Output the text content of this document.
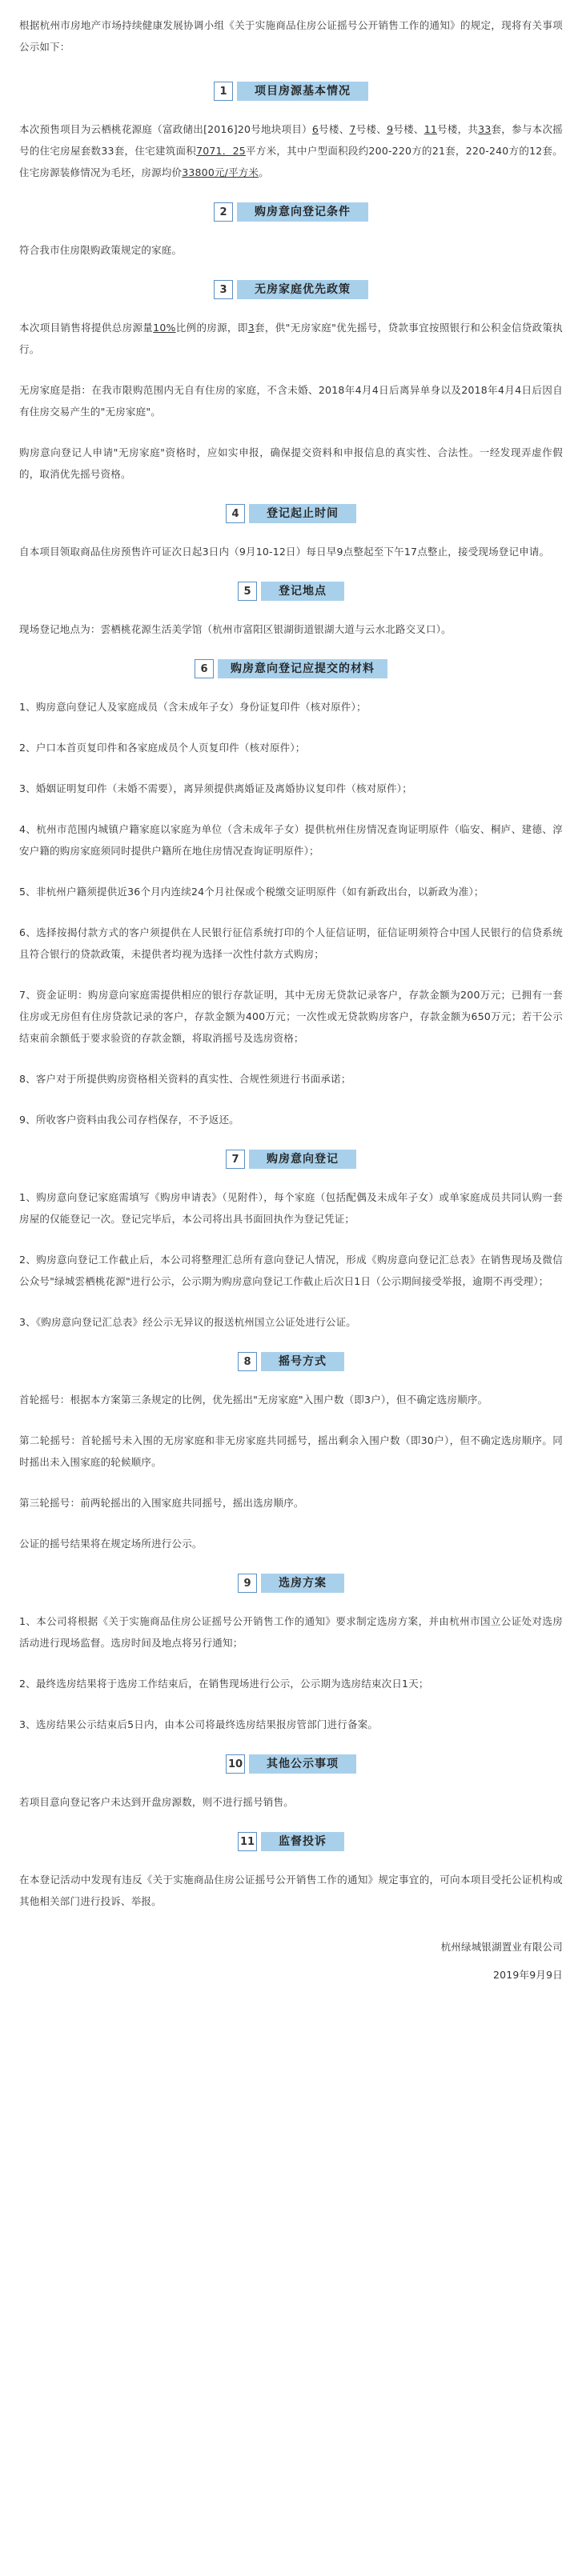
根据杭州市房地产市场持续健康发展协调小组《关于实施商品住房公证摇号公开销售工作的通知》的规定，现将有关事项公示如下：

1	项目房源基本情况

本次预售项目为云栖桃花源庭（富政储出[2016]20号地块项目）6号楼、7号楼、9号楼、11号楼，共33套，参与本次摇号的住宅房屋套数33套，住宅建筑面积7071．25平方米，其中户型面积段约200-220方的21套，220-240方的12套。住宅房源装修情况为毛坯，房源均价33800元/平方米。

2	购房意向登记条件

符合我市住房限购政策规定的家庭。

3	无房家庭优先政策

本次项目销售将提供总房源量10%比例的房源，即3套，供"无房家庭"优先摇号，贷款事宜按照银行和公积金信贷政策执行。

无房家庭是指：在我市限购范围内无自有住房的家庭，不含未婚、2018年4月4日后离异单身以及2018年4月4日后因自有住房交易产生的"无房家庭"。

购房意向登记人申请"无房家庭"资格时，应如实申报，确保提交资料和申报信息的真实性、合法性。一经发现弄虚作假的，取消优先摇号资格。

4	登记起止时间

自本项目领取商品住房预售许可证次日起3日内（9月10-12日）每日早9点整起至下午17点整止，接受现场登记申请。

5	登记地点

现场登记地点为：雲栖桃花源生活美学馆（杭州市富阳区银湖街道银湖大道与云水北路交叉口）。

6	购房意向登记应提交的材料

1、购房意向登记人及家庭成员（含未成年子女）身份证复印件（核对原件）；

2、户口本首页复印件和各家庭成员个人页复印件（核对原件）；

3、婚姻证明复印件（未婚不需要），离异须提供离婚证及离婚协议复印件（核对原件）；

4、杭州市范围内城镇户籍家庭以家庭为单位（含未成年子女）提供杭州住房情况查询证明原件（临安、桐庐、建德、淳安户籍的购房家庭须同时提供户籍所在地住房情况查询证明原件）；

5、非杭州户籍须提供近36个月内连续24个月社保或个税缴交证明原件（如有新政出台，以新政为准）；

6、选择按揭付款方式的客户须提供在人民银行征信系统打印的个人征信证明，征信证明须符合中国人民银行的信贷系统且符合银行的贷款政策，未提供者均视为选择一次性付款方式购房；

7、资金证明：购房意向家庭需提供相应的银行存款证明，其中无房无贷款记录客户，存款金额为200万元；已拥有一套住房或无房但有住房贷款记录的客户，存款金额为400万元；一次性或无贷款购房客户，存款金额为650万元；若干公示结束前余额低于要求验资的存款金额，将取消摇号及选房资格；

8、客户对于所提供购房资格相关资料的真实性、合规性须进行书面承诺；

9、所收客户资料由我公司存档保存，不予返还。

7	购房意向登记

1、购房意向登记家庭需填写《购房申请表》（见附件），每个家庭（包括配偶及未成年子女）或单家庭成员共同认购一套房屋的仅能登记一次。登记完毕后，本公司将出具书面回执作为登记凭证；

2、购房意向登记工作截止后，本公司将整理汇总所有意向登记人情况，形成《购房意向登记汇总表》在销售现场及微信公众号"绿城雲栖桃花源"进行公示，公示期为购房意向登记工作截止后次日1日（公示期间接受举报，逾期不再受理）；

3、《购房意向登记汇总表》经公示无异议的报送杭州国立公证处进行公证。

8	摇号方式

首轮摇号：根据本方案第三条规定的比例，优先摇出"无房家庭"入围户数（即3户），但不确定选房顺序。

第二轮摇号：首轮摇号未入围的无房家庭和非无房家庭共同摇号，摇出剩余入围户数（即30户），但不确定选房顺序。同时摇出未入围家庭的轮候顺序。

第三轮摇号：前两轮摇出的入围家庭共同摇号，摇出选房顺序。

公证的摇号结果将在规定场所进行公示。

9	选房方案

1、本公司将根据《关于实施商品住房公证摇号公开销售工作的通知》要求制定选房方案，并由杭州市国立公证处对选房活动进行现场监督。选房时间及地点将另行通知；

2、最终选房结果将于选房工作结束后，在销售现场进行公示，公示期为选房结束次日1天；

3、选房结果公示结束后5日内，由本公司将最终选房结果报房管部门进行备案。

10	其他公示事项

若项目意向登记客户未达到开盘房源数，则不进行摇号销售。

11	监督投诉

在本登记活动中发现有违反《关于实施商品住房公证摇号公开销售工作的通知》规定事宜的，可向本项目受托公证机构或其他相关部门进行投诉、举报。

杭州绿城银湖置业有限公司

2019年9月9日
